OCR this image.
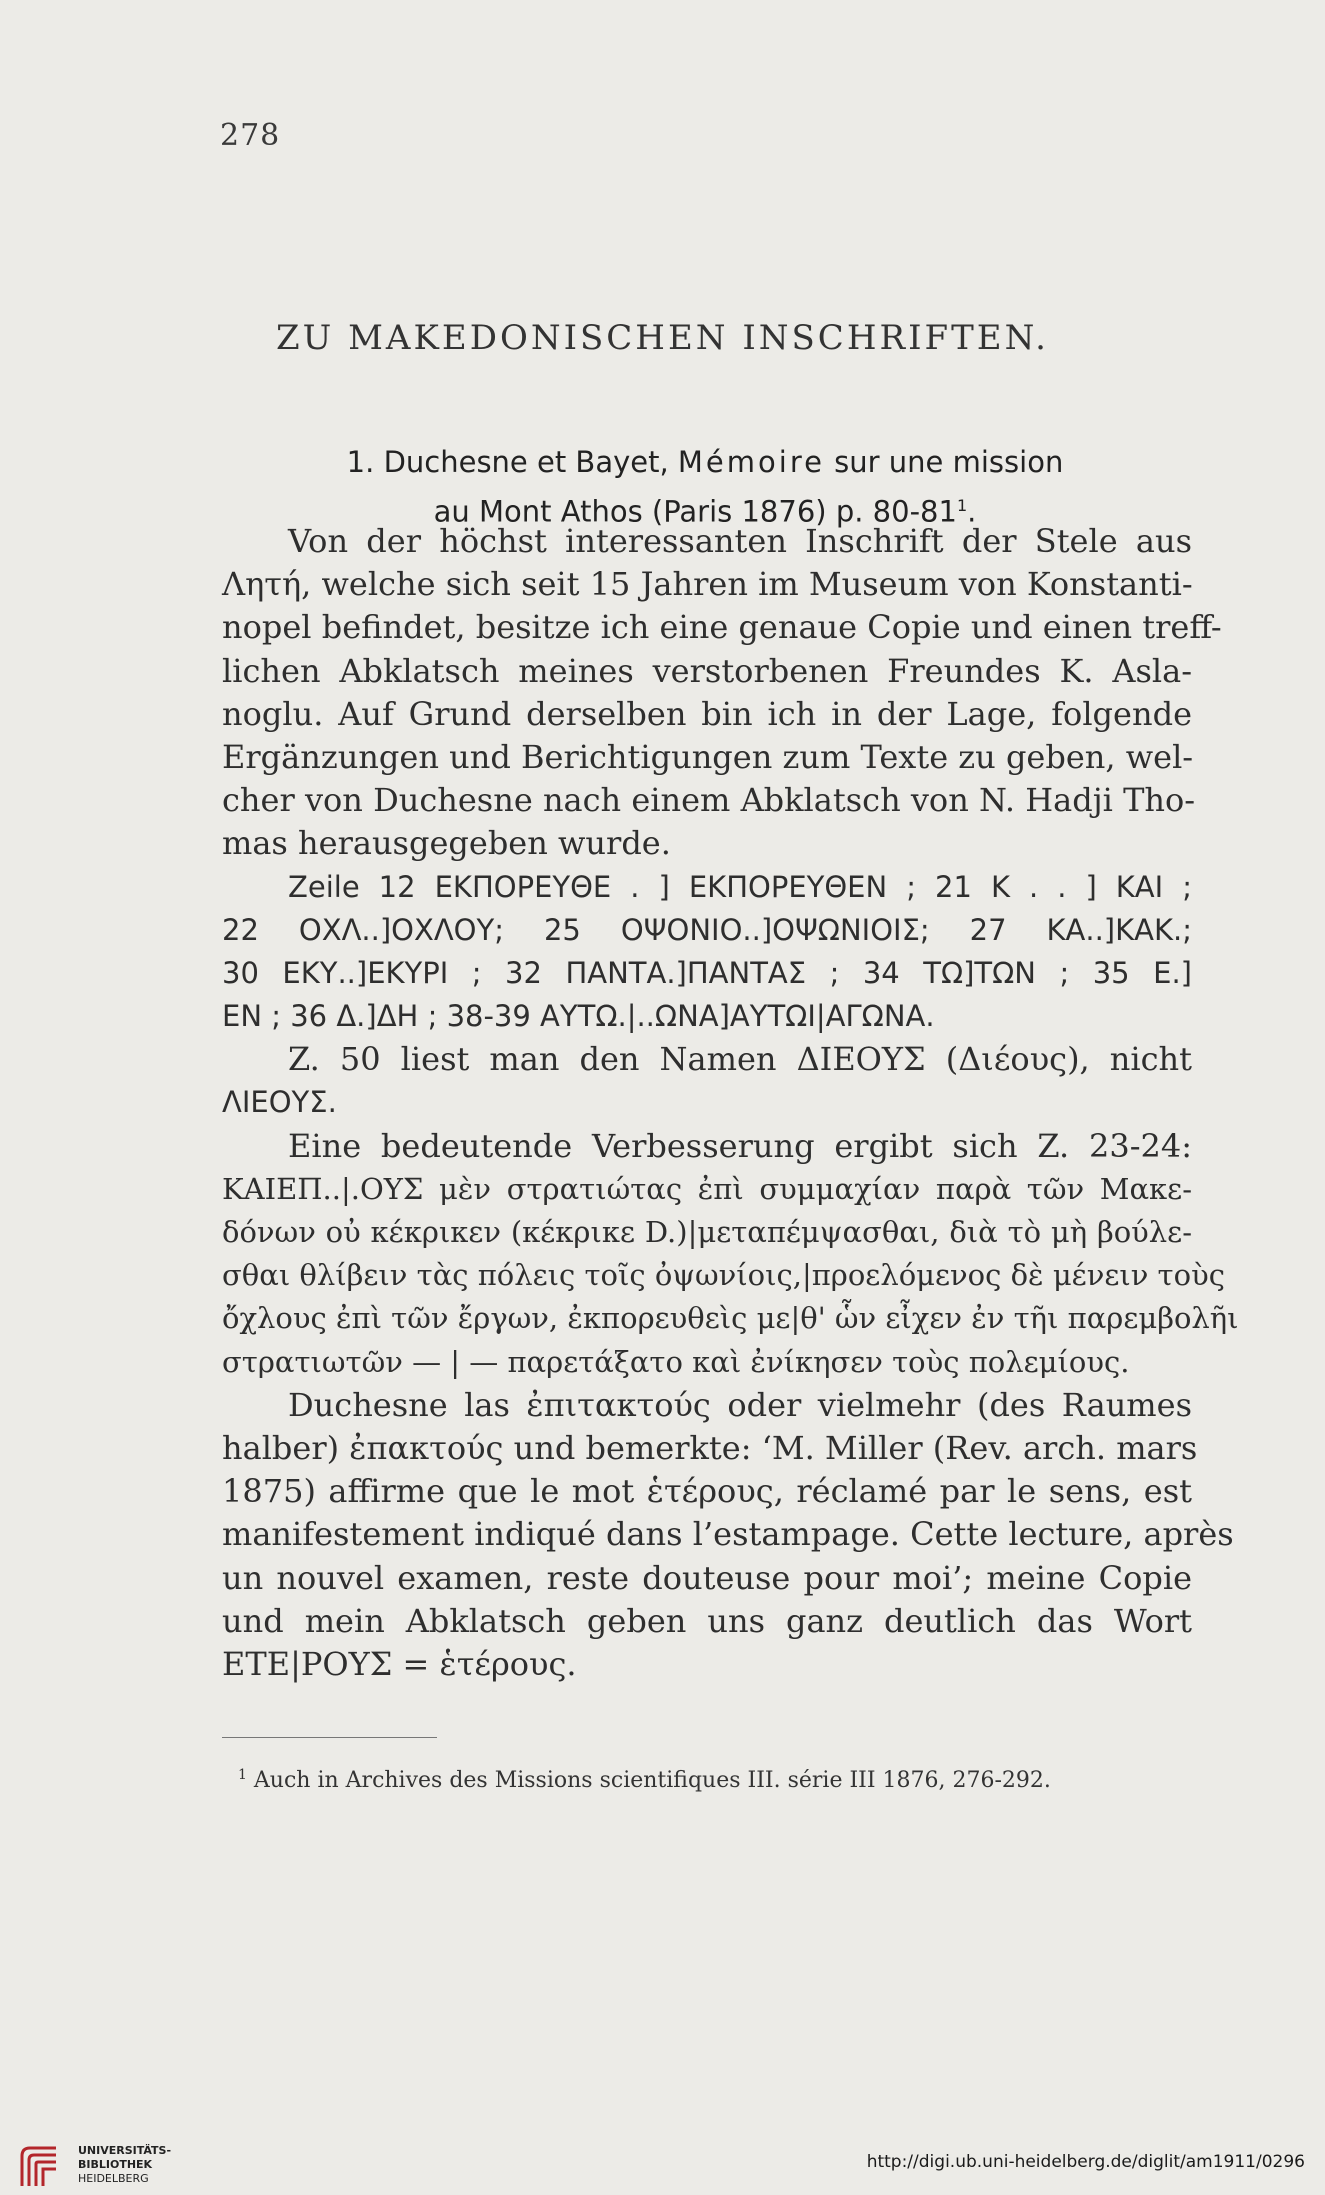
278
ZU MAKEDONISCHEN INSCHRIFTEN.
1. Duchesne et Bayet, Mémoire sur une mission
au Mont Athos (Paris 1876) p. $80-81^1$.
Von der höchst interessanten Inschrift der Stele aus
Λητή, welche sich seit 15 Jahren im Museum von Konstanti-
nopel befindet, besitze ich eine genaue Copie und einen treff-
lichen Abklatsch meines verstorbenen Freundes K. Asla-
noglu. Auf Grund derselben bin ich in der Lage, folgende
Ergänzungen und Berichtigungen zum Texte zu geben, wel-
cher von Duchesne nach einem Abklatsch von N. Hadji Tho-
mas herausgegeben wurde.
Zeile 12 ΕΚΠΟΡΕΥΘΕ . ] ΕΚΠΟΡΕΥΘΕΝ ; 21 Κ . . ] ΚΑΙ ;
22 ΟΧΛ..]ΟΧΛΟΥ; 25 ΟΨΟΝΙΟ..]ΟΨΩΝΙΟΙΣ; 27 ΚΑ..]ΚΑΚ.;
30 ΕΚΥ..]ΕΚΥΡΙ ; 32 ΠΑΝΤΑ.]ΠΑΝΤΑΣ ; 34 ΤΩ]ΤΩΝ ; 35 Ε.]
ΕΝ ; 36 Δ.]ΔΗ ; 38-39 ΑΥΤΩ.|..ΩΝΑ]ΑΥΤΩΙ|ΑΓΩΝΑ.
Z. 50 liest man den Namen ΔΙΕΟΥΣ (Διέους), nicht
ΛΙΕΟΥΣ.
Eine bedeutende Verbesserung ergibt sich Z. 23-24:
ΚΑΙΕΠ..|.ΟΥΣ μὲν στρατιώτας ἐπὶ συμμαχίαν παρὰ τῶν Μακε-
δόνων οὐ κέκρικεν (κέκρικε D.)|μεταπέμψασθαι, διὰ τὸ μὴ βούλε-
σθαι θλίβειν τὰς πόλεις τοῖς ὀψωνίοις,|προελόμενος δὲ μένειν τοὺς
ὄχλους ἐπὶ τῶν ἔργων, ἐκπορευθεὶς με|θ' ὧν εἶχεν ἐν τῆι παρεμβολῆι
στρατιωτῶν — | — παρετάξατο καὶ ἐνίκησεν τοὺς πολεμίους.
Duchesne las ἐπιτακτούς oder vielmehr (des Raumes
halber) ἐπακτούς und bemerkte: ‘M. Miller (Rev. arch. mars
1875) affirme que le mot ἑτέρους, réclamé par le sens, est
manifestement indiqué dans l’estampage. Cette lecture, après
un nouvel examen, reste douteuse pour moi’; meine Copie
und mein Abklatsch geben uns ganz deutlich das Wort
ΕΤΕ|ΡΟΥΣ = ἑτέρους.
$^1$ Auch in Archives des Missions scientifiques III. série III 1876, 276-292.
UNIVERSITÄTS-
BIBLIOTHEK
HEIDELBERG
http://digi.ub.uni-heidelberg.de/diglit/am1911/0296
